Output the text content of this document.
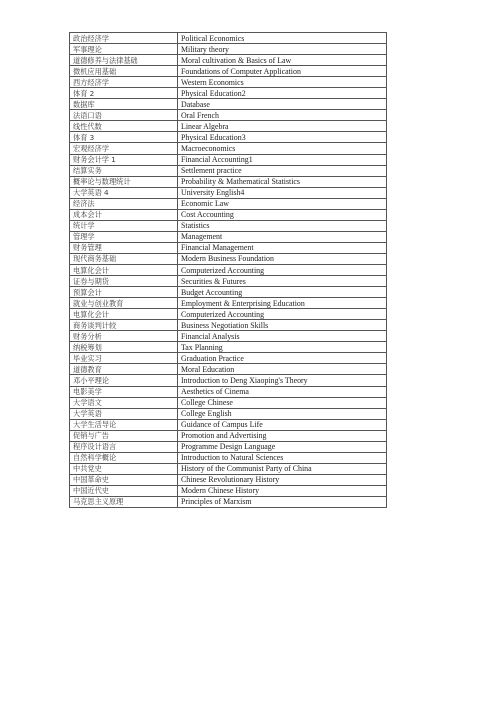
政治经济学	Political Economics
军事理论	Military theory
道德修养与法律基础	Moral cultivation & Basics of Law
微机应用基础	Foundations of Computer Application
西方经济学	Western Economics
体育 2	Physical Education2
数据库	Database
法语口语	Oral French
线性代数	Linear Algebra
体育 3	Physical Education3
宏观经济学	Macroeconomics
财务会计学 1	Financial Accounting1
结算实务	Settlement practice
概率论与数理统计	Probability & Mathematical Statistics
大学英语 4	University English4
经济法	Economic Law
成本会计	Cost Accounting
统计学	Statistics
管理学	Management
财务管理	Financial Management
现代商务基础	Modern Business Foundation
电算化会计	Computerized Accounting
证券与期货	Securities & Futures
预算会计	Budget Accounting
就业与创业教育	Employment & Enterprising Education
电算化会计	Computerized Accounting
商务谈判计较	Business Negotiation Skills
财务分析	Financial Analysis
纳税筹划	Tax Planning
毕业实习	Graduation Practice
道德教育	Moral Education
邓小平理论	Introduction to Deng Xiaoping's Theory
电影美学	Aesthetics of Cinema
大学语文	College Chinese
大学英语	College English
大学生活导论	Guidance of Campus Life
促销与广告	Promotion and Advertising
程序设计语言	Programme Design Language
自然科学概论	Introduction to Natural Sciences
中共党史	History of the Communist Party of China
中国革命史	Chinese Revolutionary History
中国近代史	Modern Chinese History
马克思主义原理	Principles of Marxism
